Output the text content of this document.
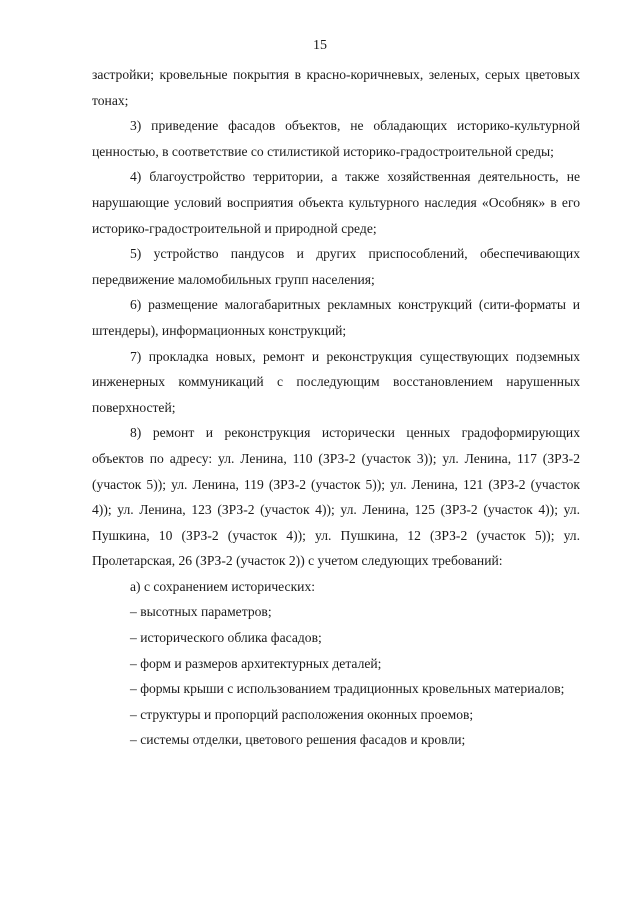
15

застройки; кровельные покрытия в красно-коричневых, зеленых, серых цветовых тонах;

3) приведение фасадов объектов, не обладающих историко-культурной ценностью, в соответствие со стилистикой историко-градостроительной среды;

4) благоустройство территории, а также хозяйственная деятельность, не нарушающие условий восприятия объекта культурного наследия «Особняк» в его историко-градостроительной и природной среде;

5) устройство пандусов и других приспособлений, обеспечивающих передвижение маломобильных групп населения;

6) размещение малогабаритных рекламных конструкций (сити-форматы и штендеры), информационных конструкций;

7) прокладка новых, ремонт и реконструкция существующих подземных инженерных коммуникаций с последующим восстановлением нарушенных поверхностей;

8) ремонт и реконструкция исторически ценных градоформирующих объектов по адресу: ул. Ленина, 110 (ЗРЗ-2 (участок 3)); ул. Ленина, 117 (ЗРЗ-2 (участок 5)); ул. Ленина, 119 (ЗРЗ-2 (участок 5)); ул. Ленина, 121 (ЗРЗ-2 (участок 4)); ул. Ленина, 123 (ЗРЗ-2 (участок 4)); ул. Ленина, 125 (ЗРЗ-2 (участок 4)); ул. Пушкина, 10 (ЗРЗ-2 (участок 4)); ул. Пушкина, 12 (ЗРЗ-2 (участок 5)); ул. Пролетарская, 26 (ЗРЗ-2 (участок 2)) с учетом следующих требований:

а) с сохранением исторических:

– высотных параметров;

– исторического облика фасадов;

– форм и размеров архитектурных деталей;

– формы крыши с использованием традиционных кровельных материалов;

– структуры и пропорций расположения оконных проемов;

– системы отделки, цветового решения фасадов и кровли;
